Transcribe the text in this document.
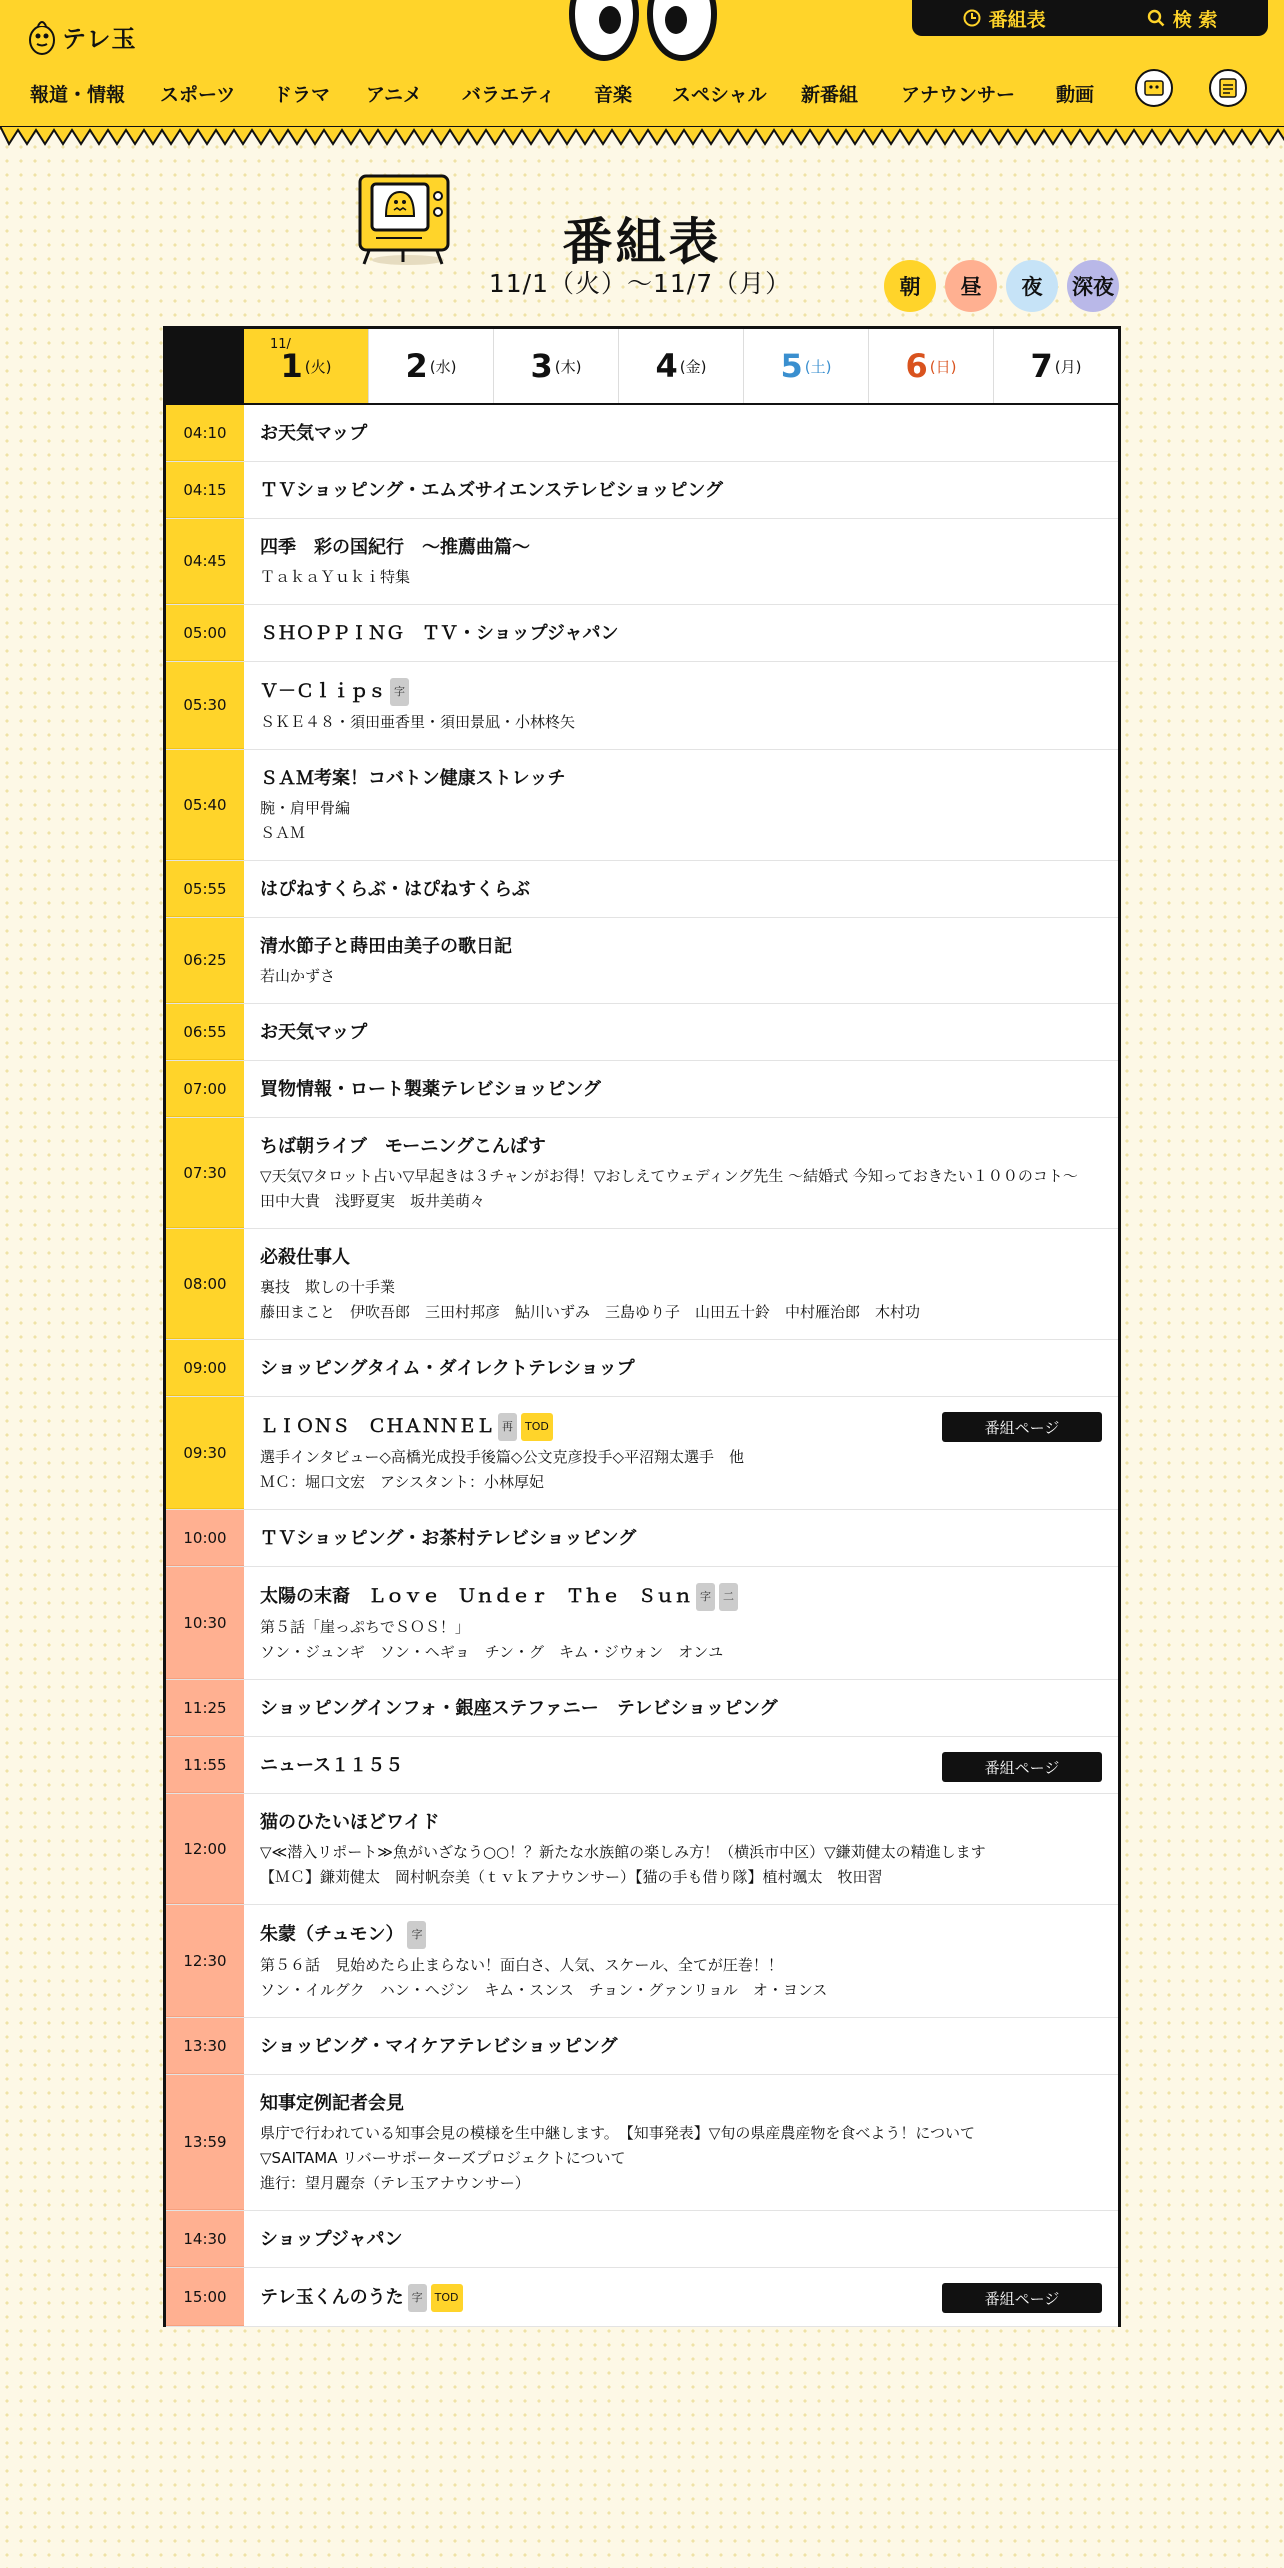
テレ玉
番組表	検 索
報道・情報 スポーツ ドラマ アニメ バラエティ 音楽 スペシャル 新番組 アナウンサー 動画
番組表
11/1（火）〜11/7（月）	朝	昼	夜	深夜
11/
1 (火) 2 (水) 3 (木) 4 (金) 5 (土) 6 (日) 7 (月)
04:10	お天気マップ
04:15	ＴＶショッピング・エムズサイエンステレビショッピング
04:45
四季　彩の国紀行　～推薦曲篇～
ＴａｋａＹｕｋｉ特集
05:00	ＳＨＯＰＰＩＮＧ　ＴＶ・ショップジャパン
05:30
Ｖ－Ｃｌｉｐｓ 字
ＳＫＥ４８・須田亜香里・須田景凪・小林柊矢
05:40
ＳＡＭ考案！コバトン健康ストレッチ
腕・肩甲骨編
ＳＡＭ
05:55	はぴねすくらぶ・はぴねすくらぶ
06:25
清水節子と蒔田由美子の歌日記
若山かずさ
06:55	お天気マップ
07:00	買物情報・ロート製薬テレビショッピング
07:30
ちば朝ライブ　モーニングこんぱす
▽天気▽タロット占い▽早起きは３チャンがお得！▽おしえてウェディング先生 ～結婚式 今知っておきたい１００のコト～
田中大貴　浅野夏実　坂井美萌々
08:00
必殺仕事人
裏技　欺しの十手業
藤田まこと　伊吹吾郎　三田村邦彦　鮎川いずみ　三島ゆり子　山田五十鈴　中村雁治郎　木村功
09:00	ショッピングタイム・ダイレクトテレショップ
09:30
ＬＩＯＮＳ　ＣＨＡＮＮＥＬ 再	TOD
選手インタビュー◇高橋光成投手後篇◇公文克彦投手◇平沼翔太選手　他
ＭＣ：堀口文宏　アシスタント：小林厚妃
番組ページ
10:00	ＴＶショッピング・お茶村テレビショッピング
10:30
太陽の末裔　Ｌｏｖｅ　Ｕｎｄｅｒ　Ｔｈｅ　Ｓｕｎ 字	二
第５話「崖っぷちでＳＯＳ！」
ソン・ジュンギ　ソン・ヘギョ　チン・グ　キム・ジウォン　オンユ
11:25	ショッピングインフォ・銀座ステファニー　テレビショッピング
11:55	ニュース１１５５	番組ページ
12:00
猫のひたいほどワイド
▽≪潜入リポート≫魚がいざなう○○！？新たな水族館の楽しみ方！（横浜市中区）▽鎌苅健太の精進します
【ＭＣ】鎌苅健太　岡村帆奈美（ｔｖｋアナウンサー）【猫の手も借り隊】植村颯太　牧田習
12:30
朱蒙（チュモン） 字
第５６話　見始めたら止まらない！面白さ、人気、スケール、全てが圧巻！！
ソン・イルグク　ハン・ヘジン　キム・スンス　チョン・グァンリョル　オ・ヨンス
13:30	ショッピング・マイケアテレビショッピング
13:59
知事定例記者会見
県庁で行われている知事会見の模様を生中継します。　【知事発表】▽旬の県産農産物を食べよう！について
▽SAITAMA リバーサポーターズプロジェクトについて
進行：望月麗奈（テレ玉アナウンサー）
14:30	ショップジャパン
15:00	テレ玉くんのうた 字	TOD	番組ページ
